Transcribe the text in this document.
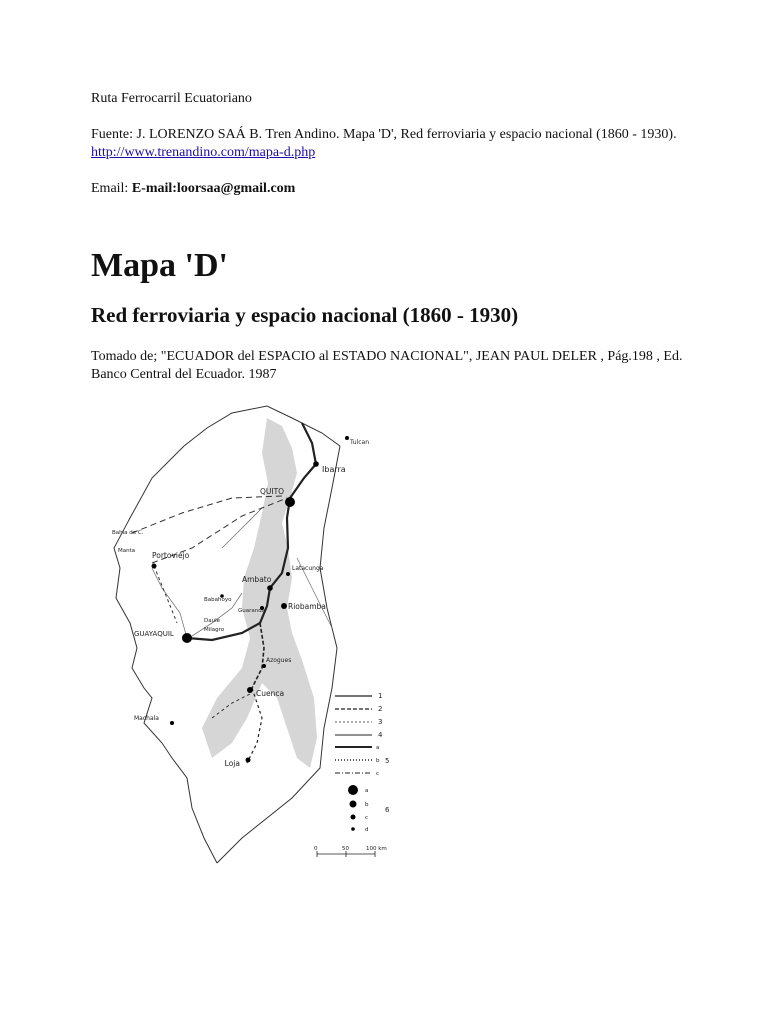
Ruta Ferrocarril Ecuatoriano

Fuente: J. LORENZO SAÁ B. Tren Andino. Mapa 'D', Red ferroviaria y espacio nacional (1860 - 1930). http://www.trenandino.com/mapa-d.php

Email: E-mail:loorsaa@gmail.com

Mapa 'D'
Red ferroviaria y espacio nacional (1860 - 1930)

Tomado de; "ECUADOR del ESPACIO al ESTADO NACIONAL", JEAN PAUL DELER , Pág.198 , Ed. Banco Central del Ecuador. 1987

Tulcan
Ibarra
QUITO
Bahia de C.
Manta Portoviejo
Latacunga
Ambato
Babahoyo
Guaranda	Riobamba
Daule
GUAYAQUIL	Milagro
Azogues
Cuenca
Machala
Loja
1
2
3
4
a
b
c
5
a
b
c
d
6
0	50	100 km
